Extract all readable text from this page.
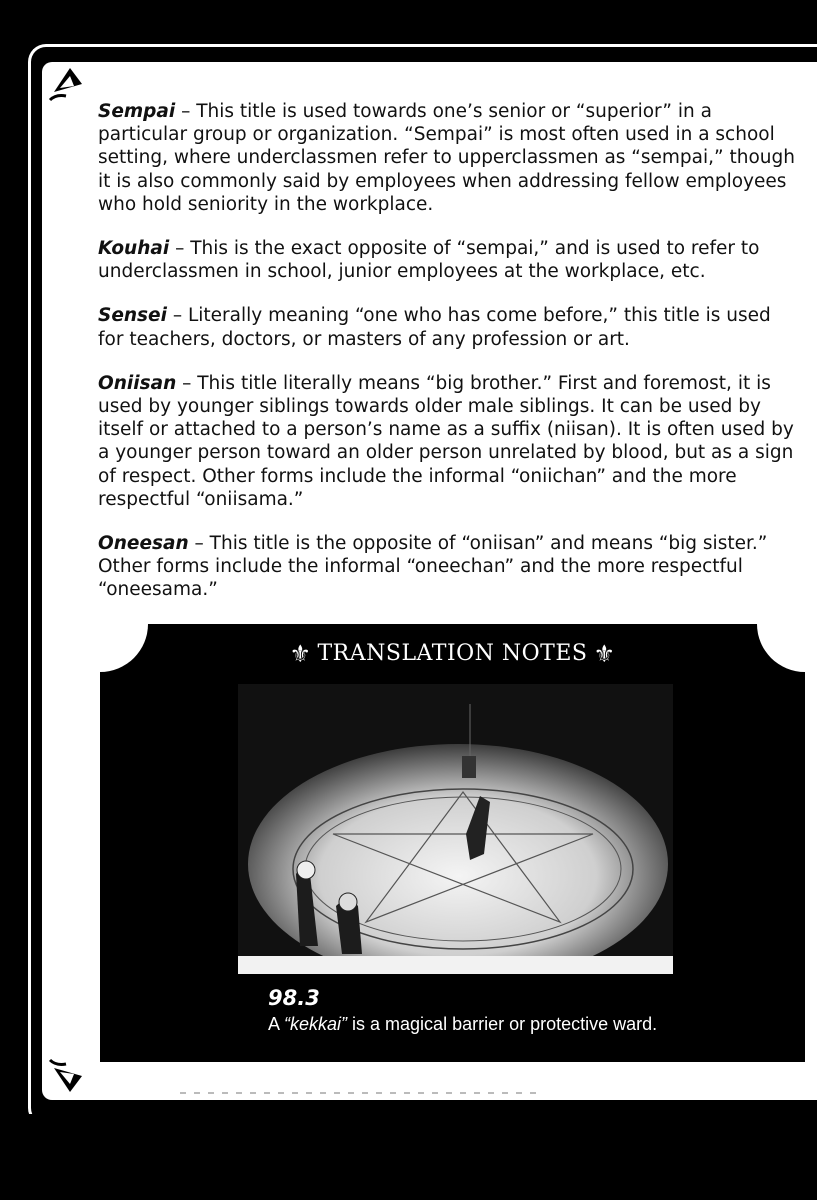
Sempai – This title is used towards one’s senior or “superior” in a particular group or organization. “Sempai” is most often used in a school setting, where underclassmen refer to upperclassmen as “sempai,” though it is also commonly said by employees when addressing fellow employees who hold seniority in the workplace.

Kouhai – This is the exact opposite of “sempai,” and is used to refer to underclassmen in school, junior employees at the workplace, etc.

Sensei – Literally meaning “one who has come before,” this title is used for teachers, doctors, or masters of any profession or art.

Oniisan – This title literally means “big brother.” First and foremost, it is used by younger siblings towards older male siblings. It can be used by itself or attached to a person’s name as a suffix (niisan). It is often used by a younger person toward an older person unrelated by blood, but as a sign of respect. Other forms include the informal “oniichan” and the more respectful “oniisama.”

Oneesan – This title is the opposite of “oniisan” and means “big sister.” Other forms include the informal “oneechan” and the more respectful “oneesama.”

⚜ TRANSLATION NOTES ⚜
98.3
A “kekkai” is a magical barrier or protective ward.
